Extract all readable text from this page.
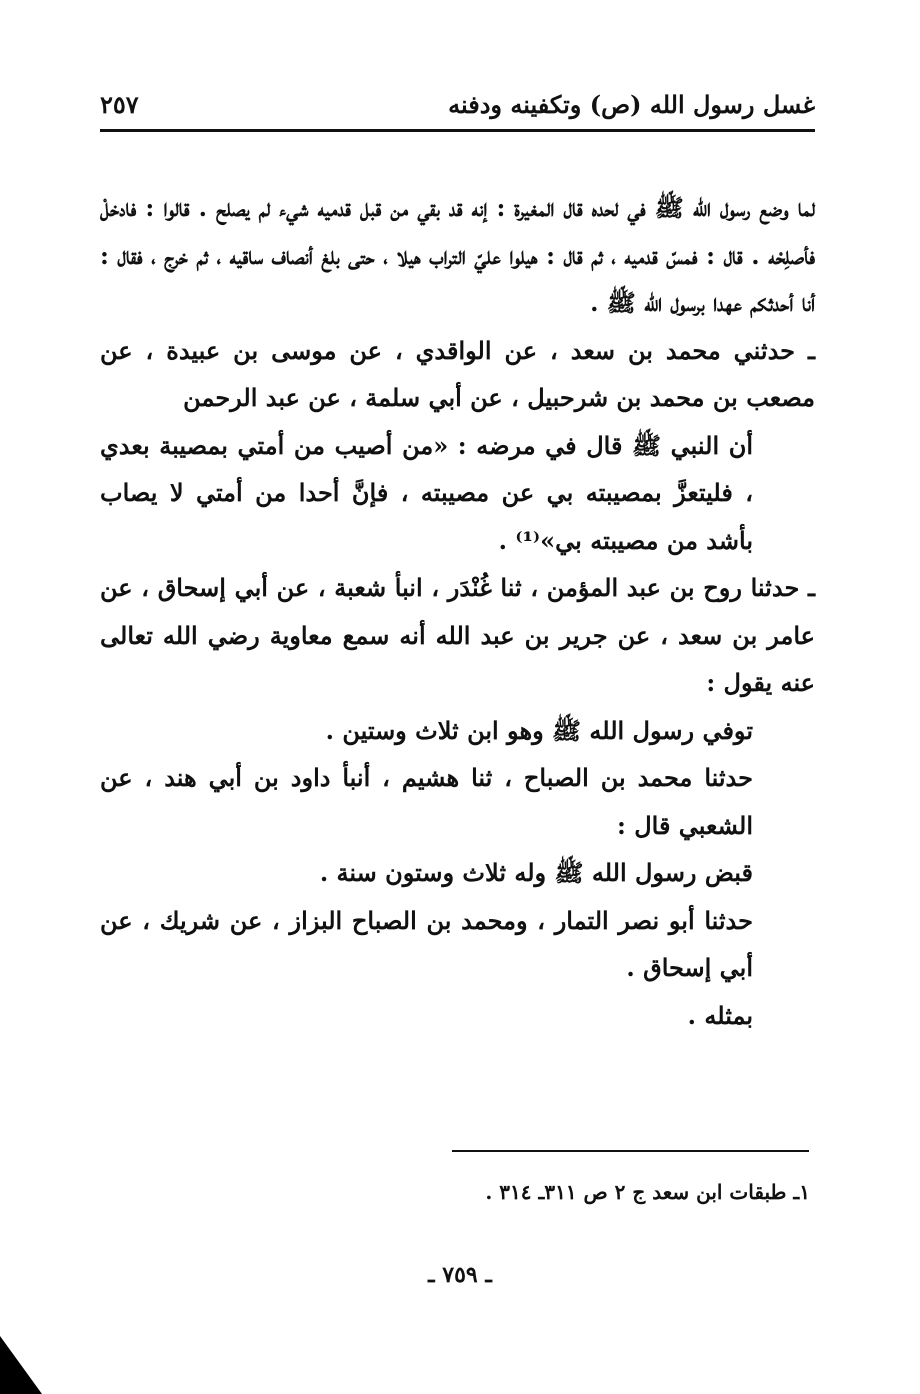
غسل رسول الله (ص) وتكفينه ودفنه
٢٥٧

لما وضع رسول الله ﷺ في لحده قال المغيرة : إنه قد بقي من قبل قدميه شيء لم يصلح . قالوا : فادخلْ فأصلِحْه . قال : فمسّ قدميه ، ثم قال : هيلوا عليّ التراب هيلا ، حتى بلغ أنصاف ساقيه ، ثم خرج ، فقال : أنا أحدثكم عهدا برسول الله ﷺ .

ـ حدثني محمد بن سعد ، عن الواقدي ، عن موسى بن عبيدة ، عن مصعب بن محمد بن شرحبيل ، عن أبي سلمة ، عن عبد الرحمن

أن النبي ﷺ قال في مرضه : «من أصيب من أمتي بمصيبة بعدي ، فليتعزَّ بمصيبته بي عن مصيبته ، فإنَّ أحدا من أمتي لا يصاب بأشد من مصيبته بي»⁽¹⁾ .

ـ حدثنا روح بن عبد المؤمن ، ثنا غُنْدَر ، انبأ شعبة ، عن أبي إسحاق ، عن عامر بن سعد ، عن جرير بن عبد الله أنه سمع معاوية رضي الله تعالى عنه يقول :

توفي رسول الله ﷺ وهو ابن ثلاث وستين .

حدثنا محمد بن الصباح ، ثنا هشيم ، أنبأ داود بن أبي هند ، عن الشعبي قال :

قبض رسول الله ﷺ وله ثلاث وستون سنة .

حدثنا أبو نصر التمار ، ومحمد بن الصباح البزاز ، عن شريك ، عن أبي إسحاق .

بمثله .

١ـ طبقات ابن سعد ج ٢ ص ٣١١ـ ٣١٤ .
ـ ٧٥٩ ـ
